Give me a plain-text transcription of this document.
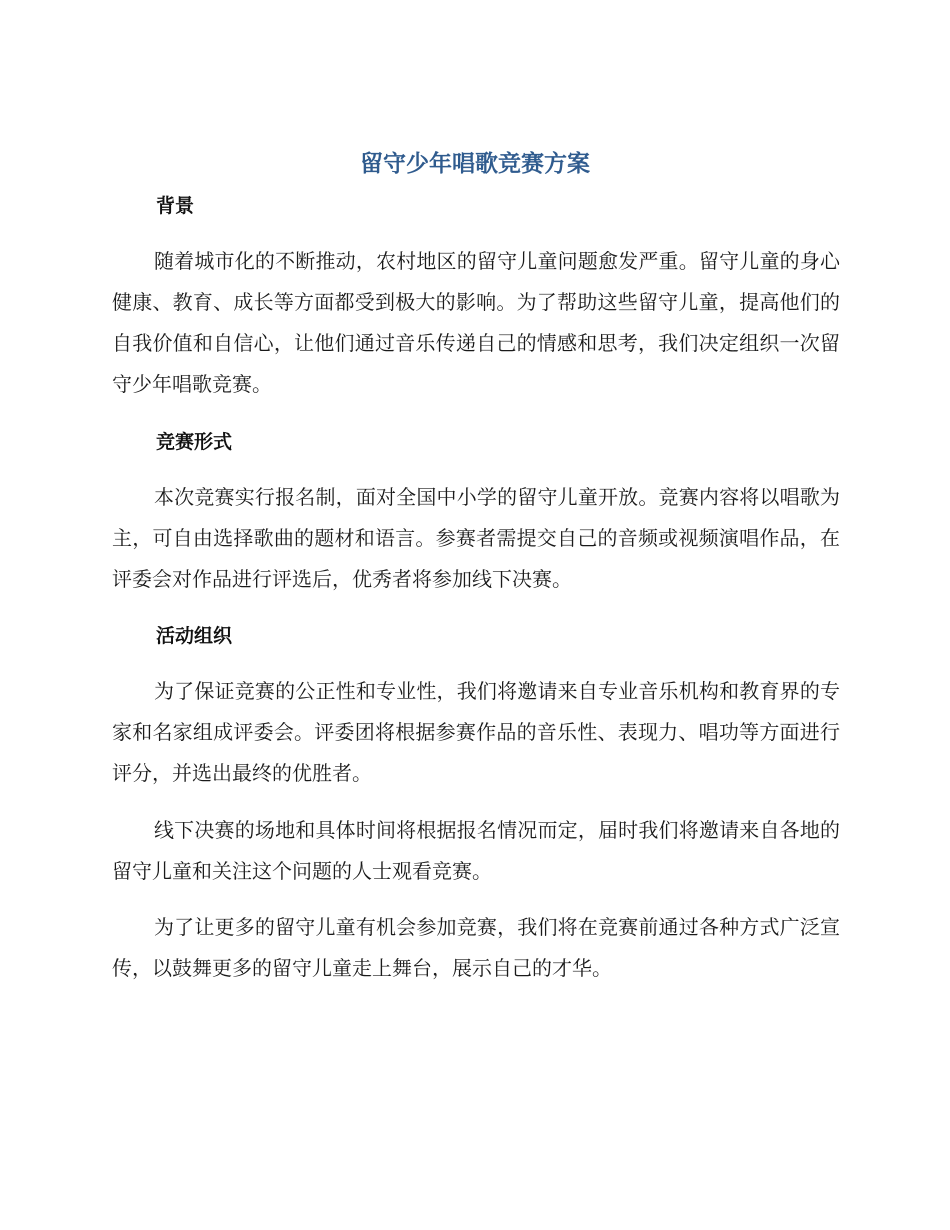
留守少年唱歌竞赛方案
背景

随着城市化的不断推动，农村地区的留守儿童问题愈发严重。留守儿童的身心健康、教育、成长等方面都受到极大的影响。为了帮助这些留守儿童，提高他们的自我价值和自信心，让他们通过音乐传递自己的情感和思考，我们决定组织一次留守少年唱歌竞赛。

竞赛形式

本次竞赛实行报名制，面对全国中小学的留守儿童开放。竞赛内容将以唱歌为主，可自由选择歌曲的题材和语言。参赛者需提交自己的音频或视频演唱作品，在评委会对作品进行评选后，优秀者将参加线下决赛。

活动组织

为了保证竞赛的公正性和专业性，我们将邀请来自专业音乐机构和教育界的专家和名家组成评委会。评委团将根据参赛作品的音乐性、表现力、唱功等方面进行评分，并选出最终的优胜者。

线下决赛的场地和具体时间将根据报名情况而定，届时我们将邀请来自各地的留守儿童和关注这个问题的人士观看竞赛。

为了让更多的留守儿童有机会参加竞赛，我们将在竞赛前通过各种方式广泛宣传，以鼓舞更多的留守儿童走上舞台，展示自己的才华。
